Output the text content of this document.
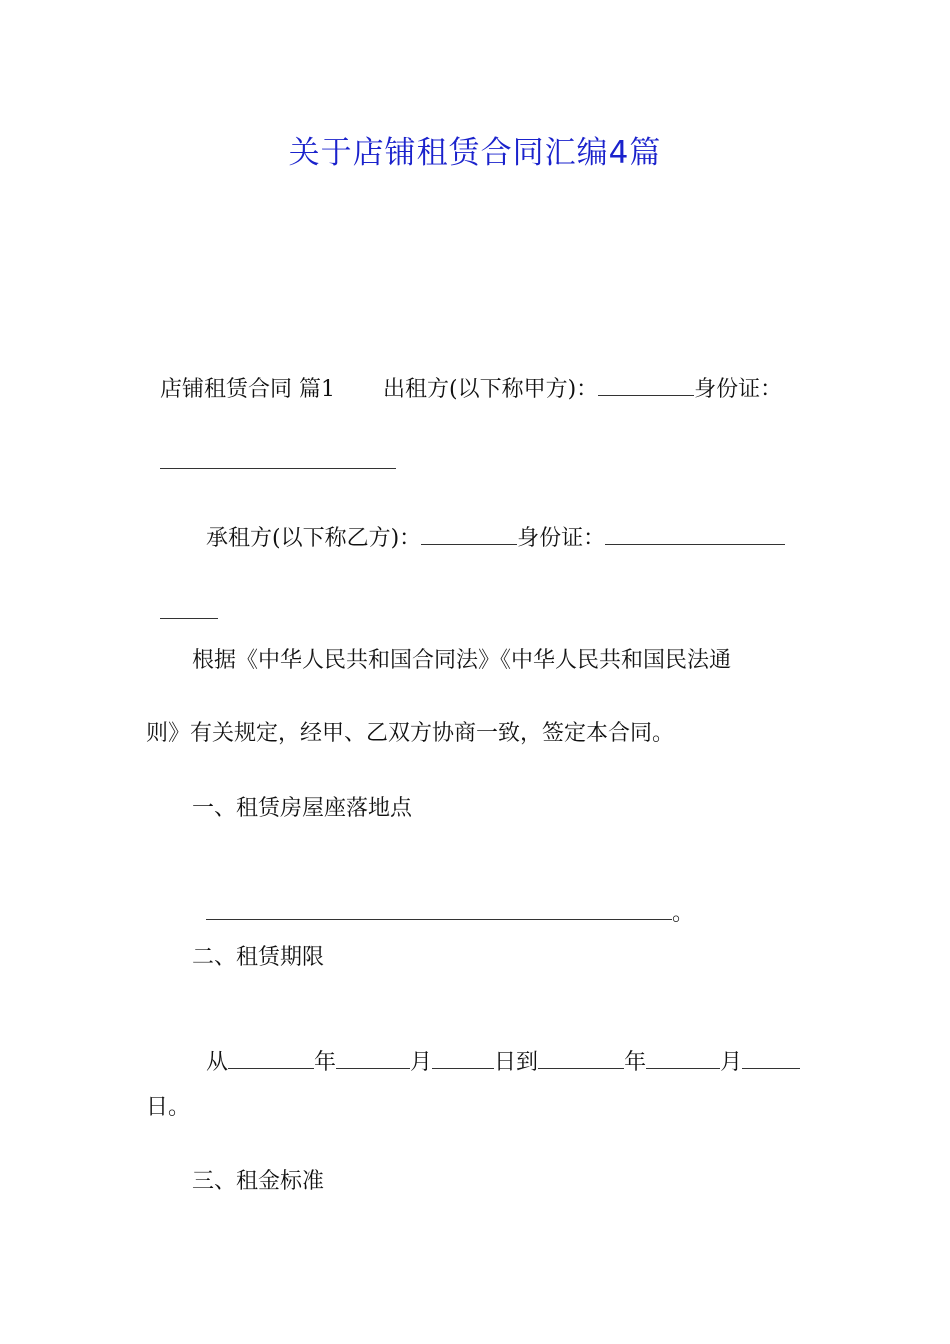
关于店铺租赁合同汇编4篇

店铺租赁合同 篇1 出租方(以下称甲方)：	身份证：

承租方(以下称乙方)：	身份证：

根据《中华人民共和国合同法》《中华人民共和国民法通
则》有关规定，经甲、乙双方协商一致，签定本合同。
一、租赁房屋座落地点

。

二、租赁期限

从	年	月	日到	年	月

日。
三、租金标准
